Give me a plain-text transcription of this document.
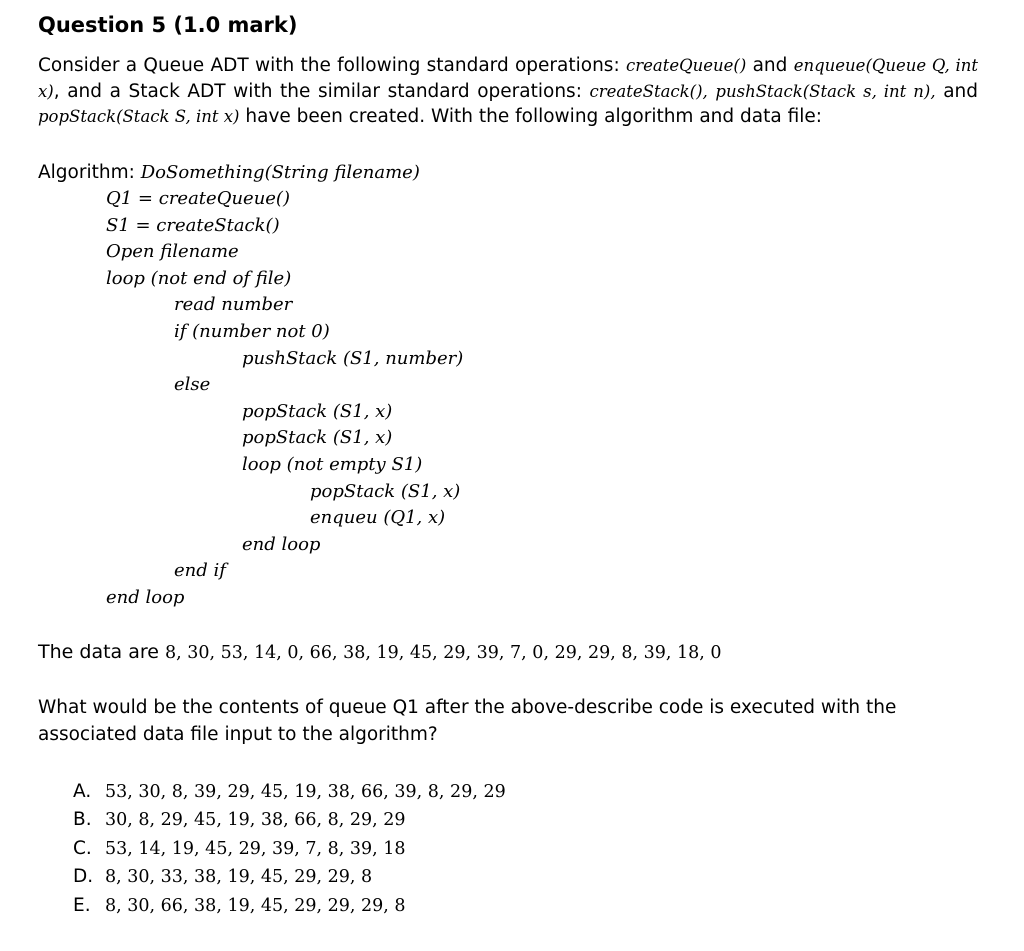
Question 5 (1.0 mark)
Consider a Queue ADT with the following standard operations: createQueue() and enqueue(Queue Q, int x), and a Stack ADT with the similar standard operations: createStack(), pushStack(Stack s, int n), and popStack(Stack S, int x) have been created. With the following algorithm and data file:
Algorithm: DoSomething(String filename)
Q1 = createQueue()
S1 = createStack()
Open filename
loop (not end of file)
read number
if (number not 0)
pushStack (S1, number)
else
popStack (S1, x)
popStack (S1, x)
loop (not empty S1)
popStack (S1, x)
enqueu (Q1, x)
end loop
end if
end loop
The data are 8, 30, 53, 14, 0, 66, 38, 19, 45, 29, 39, 7, 0, 29, 29, 8, 39, 18, 0
What would be the contents of queue Q1 after the above-describe code is executed with the associated data file input to the algorithm?
A. 53, 30, 8, 39, 29, 45, 19, 38, 66, 39, 8, 29, 29
B. 30, 8, 29, 45, 19, 38, 66, 8, 29, 29
C. 53, 14, 19, 45, 29, 39, 7, 8, 39, 18
D. 8, 30, 33, 38, 19, 45, 29, 29, 8
E. 8, 30, 66, 38, 19, 45, 29, 29, 29, 8
